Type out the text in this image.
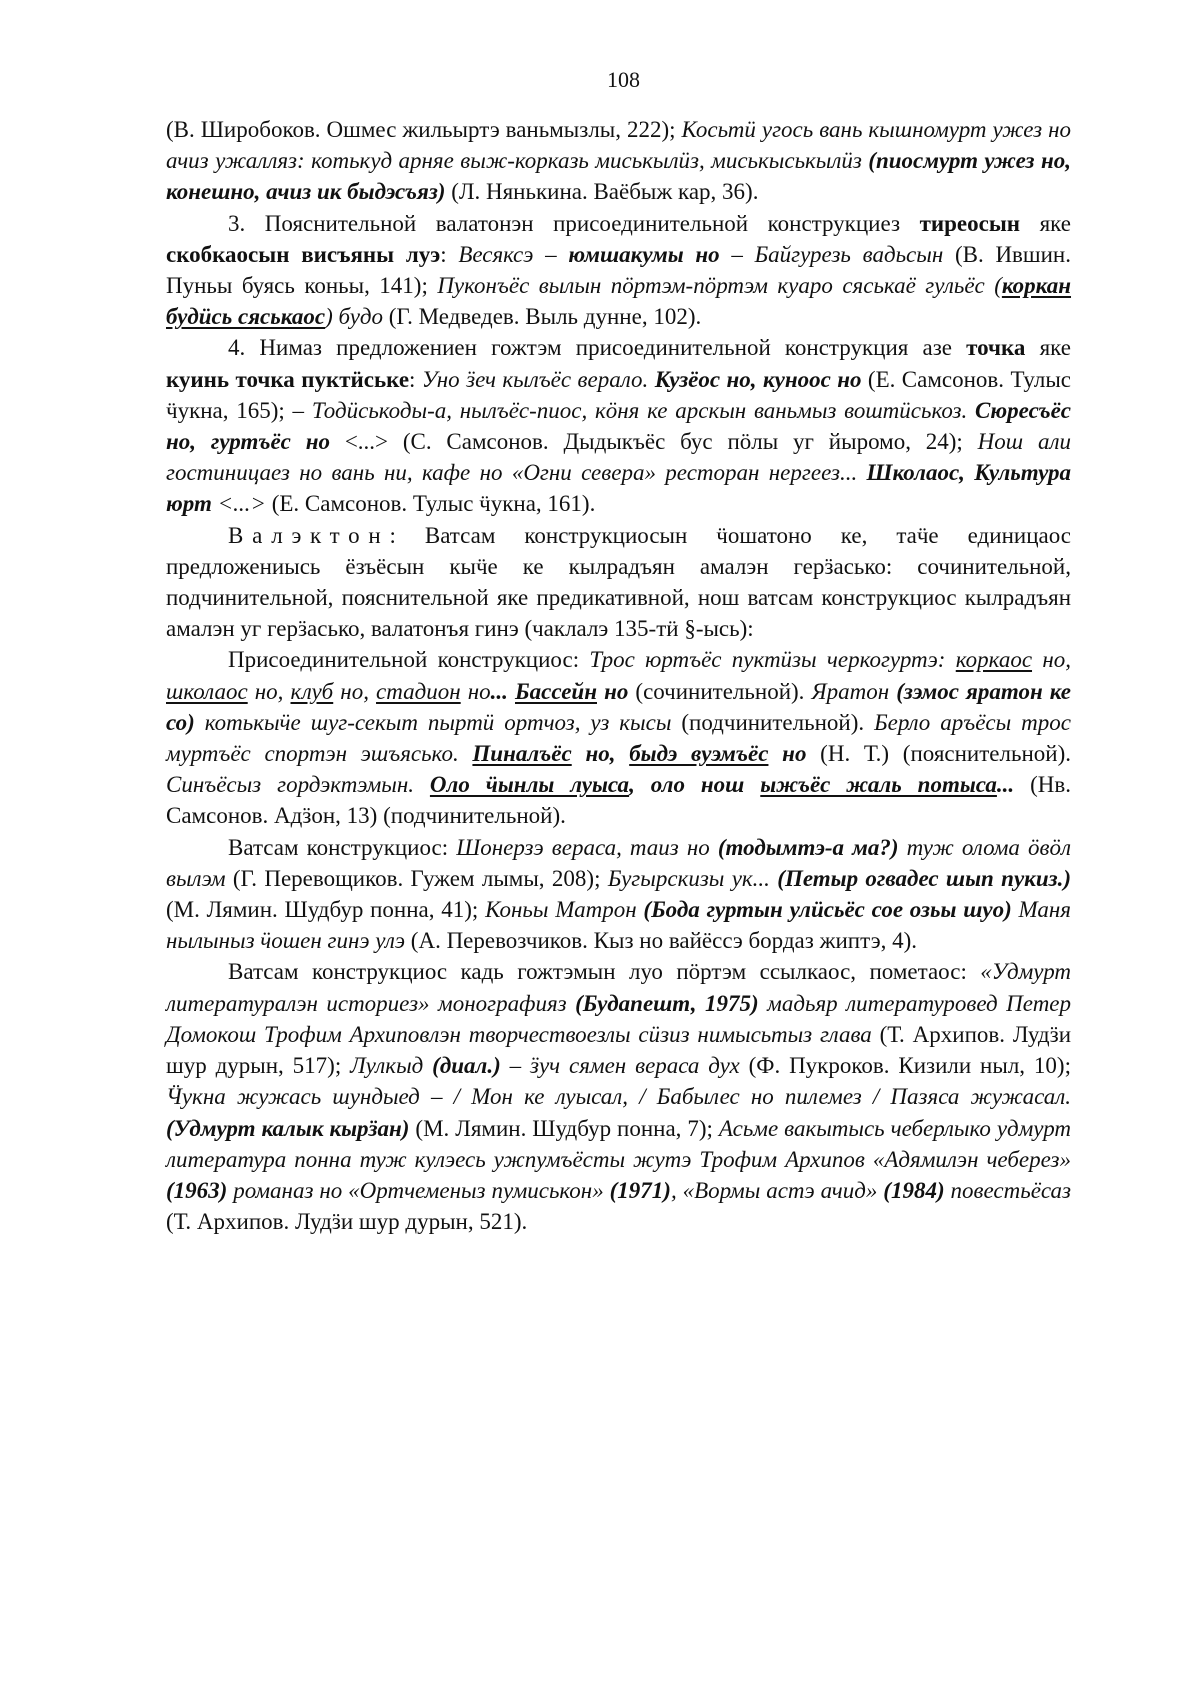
108

(В. Широбоков. Ошмес жильыртэ ваньмызлы, 222); Косьтӥ угось вань кышномурт ужез но ачиз ужалляз: котькуд арняе выж-корказь миськылӥз, миськыськылӥз (пиосмурт ужез но, конешно, ачиз ик быдэсъяз) (Л. Нянькина. Ваёбыж кар, 36).

3. Пояснительной валатонэн присоединительной конструкциез тиреосын яке скобкаосын висъяны луэ: Весяксэ – юмшакумы но – Байгурезь вадьсын (В. Ившин. Пуньы буясь коньы, 141); Пуконъёс вылын пöртэм-пöртэм куаро сяськаё гульёс (коркан будӥсь сяськаос) будо (Г. Медведев. Выль дунне, 102).

4. Нимаз предложениен гожтэм присоединительной конструкция азе точка яке куинь точка пуктӥське: Уно ӟеч кылъёс верало. Кузёос но, куноос но (Е. Самсонов. Тулыс ӵукна, 165); – Тодӥськоды-а, нылъёс-пиос, кöня ке арскын ваньмыз воштӥськоз. Сюресъёс но, гуртъёс но <...> (С. Самсонов. Дыдыкъёс бус пöлы уг йыромо, 24); Нош али гостиницаез но вань ни, кафе но «Огни севера» ресторан нергеез... Школаос, Культура юрт <...> (Е. Самсонов. Тулыс ӵукна, 161).

Валэктон: Ватсам конструкциосын ӵошатоно ке, таӵе единицаос предложениысь ёзъёсын кыӵе ке кылрадъян амалэн герӟасько: сочинительной, подчинительной, пояснительной яке предикативной, нош ватсам конструкциос кылрадъян амалэн уг герӟасько, валатонъя гинэ (чаклалэ 135-тӥ §-ысь):

Присоединительной конструкциос: Трос юртъёс пуктӥзы черкогуртэ: коркаос но, школаос но, клуб но, стадион но... Бассейн но (сочинительной). Яратон (зэмос яратон ке со) котькыӵе шуг-секыт пыртӥ ортчоз, уз кысы (подчинительной). Берло аръёсы трос муртъёс спортэн эшъясько. Пиналъёс но, быдэ вуэмъёс но (Н. Т.) (пояснительной). Синъёсыз гордэктэмын. Оло ӵынлы луыса, оло нош ыжъёс жаль потыса... (Нв. Самсонов. Адӟон, 13) (подчинительной).

Ватсам конструкциос: Шонерзэ вераса, таиз но (тодымтэ-а ма?) туж олома öвöл вылэм (Г. Перевощиков. Гужем лымы, 208); Бугырскизы ук... (Петыр огвадес шып пукиз.) (М. Лямин. Шудбур понна, 41); Коньы Матрон (Бода гуртын улӥсьёс сое озьы шуо) Маня нылыныз ӵошен гинэ улэ (А. Перевозчиков. Кыз но вайёссэ бордаз жиптэ, 4).

Ватсам конструкциос кадь гожтэмын луо пöртэм ссылкаос, пометаос: «Удмурт литературалэн историез» монографияз (Будапешт, 1975) мадьяр литературовед Петер Домокош Трофим Архиповлэн творчествоезлы сӥзиз нимысьтыз глава (Т. Архипов. Лудӟи шур дурын, 517); Лулкыд (диал.) – ӟуч сямен вераса дух (Ф. Пукроков. Кизили ныл, 10); Ӵукна жужась шундыед – / Мон ке луысал, / Бабылес но пилемез / Пазяса жужасал. (Удмурт калык кырӟан) (М. Лямин. Шудбур понна, 7); Асьме вакытысь чеберлыко удмурт литература понна туж кулэесь ужпумъёсты жутэ Трофим Архипов «Адямилэн чеберез» (1963) романаз но «Ортчеменыз пумиськон» (1971), «Вормы астэ ачид» (1984) повестьёсаз (Т. Архипов. Лудӟи шур дурын, 521).
